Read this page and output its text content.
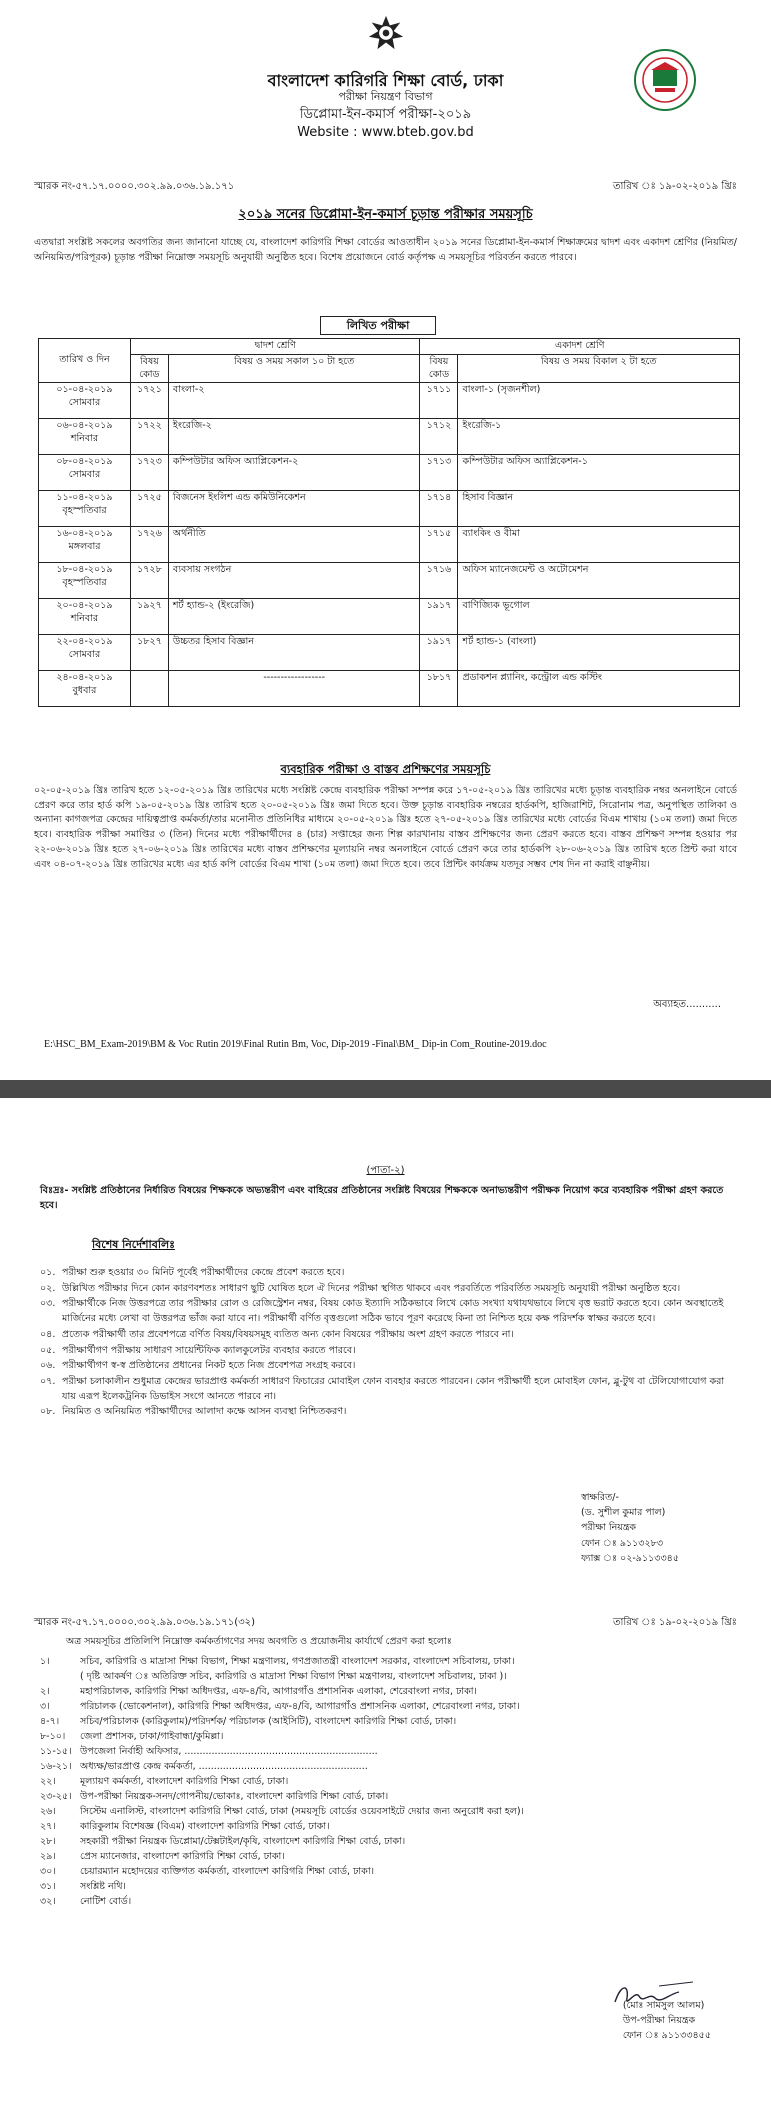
বাংলাদেশ কারিগরি শিক্ষা বোর্ড, ঢাকা
পরীক্ষা নিয়ন্ত্রণ বিভাগ
ডিপ্লোমা-ইন-কমার্স পরীক্ষা-২০১৯
Website : www.bteb.gov.bd
স্মারক নং-৫৭.১৭.০০০০.৩০২.৯৯.০৩৬.১৯.১৭১	তারিখ ঃ ১৯-০২-২০১৯ খ্রিঃ
২০১৯ সনের ডিপ্লোমা-ইন-কমার্স চূড়ান্ত পরীক্ষার সময়সূচি
এতদ্বারা সংশ্লিষ্ট সকলের অবগতির জন্য জানানো যাচ্ছে যে, বাংলাদেশ কারিগরি শিক্ষা বোর্ডের আওতাধীন ২০১৯ সনের ডিপ্লোমা-ইন-কমার্স শিক্ষাক্রমের দ্বাদশ এবং একাদশ শ্রেণির (নিয়মিত/অনিয়মিত/পরিপূরক) চূড়ান্ত পরীক্ষা নিম্নোক্ত সময়সূচি অনুযায়ী অনুষ্ঠিত হবে। বিশেষ প্রয়োজনে বোর্ড কর্তৃপক্ষ এ সময়সূচির পরিবর্তন করতে পারবে।
লিখিত পরীক্ষা
তারিখ ও দিন	দ্বাদশ শ্রেণি		একাদশ শ্রেণি	
	বিষয় কোড	বিষয় ও সময় সকাল ১০ টা হতে	বিষয় কোড	বিষয় ও সময় বিকাল ২ টা হতে

০১-০৪-২০১৯
সোমবার	১৭২১	বাংলা-২	১৭১১	বাংলা-১ (সৃজনশীল)

০৬-০৪-২০১৯
শনিবার	১৭২২	ইংরেজি-২	১৭১২	ইংরেজি-১

০৮-০৪-২০১৯
সোমবার	১৭২৩	কম্পিউটার অফিস অ্যাপ্লিকেশন-২	১৭১৩	কম্পিউটার অফিস অ্যাপ্লিকেশন-১

১১-০৪-২০১৯
বৃহস্পতিবার	১৭২৫	বিজনেস ইংলিশ এন্ড কমিউনিকেশন	১৭১৪	হিসাব বিজ্ঞান

১৬-০৪-২০১৯
মঙ্গলবার	১৭২৬	অর্থনীতি	১৭১৫	ব্যাংকিং ও বীমা

১৮-০৪-২০১৯
বৃহস্পতিবার	১৭২৮	ব্যবসায় সংগঠন	১৭১৬	অফিস ম্যানেজমেন্ট ও অটোমেশন

২০-০৪-২০১৯
শনিবার	১৯২৭	শর্ট হ্যান্ড-২ (ইংরেজি)	১৯১৭	বাণিজ্যিক ভূগোল

২২-০৪-২০১৯
সোমবার	১৮২৭	উচ্চতর হিসাব বিজ্ঞান	১৯১৭	শর্ট হ্যান্ড-১ (বাংলা)

২৪-০৪-২০১৯
বুধবার		------------------	১৮১৭	প্রডাকশন প্ল্যানিং, কন্ট্রোল এন্ড কস্টিং
ব্যবহারিক পরীক্ষা ও বাস্তব প্রশিক্ষণের সময়সূচি
০২-০৫-২০১৯ খ্রিঃ তারিখ হতে ১২-০৫-২০১৯ খ্রিঃ তারিখের মধ্যে সংশ্লিষ্ট কেন্দ্রে ব্যবহারিক পরীক্ষা সম্পন্ন করে ১৭-০৫-২০১৯ খ্রিঃ তারিখের মধ্যে চূড়ান্ত ব্যবহারিক নম্বর অনলাইনে বোর্ডে প্রেরণ করে তার হার্ড কপি ১৯-০৫-২০১৯ খ্রিঃ তারিখ হতে ২০-০৫-২০১৯ খ্রিঃ জমা দিতে হবে। উক্ত চূড়ান্ত ব্যবহারিক নম্বরের হার্ডকপি, হাজিরাশিট, সিরোনাম পত্র, অনুপস্থিত তালিকা ও অন্যান্য কাগজপত্র কেন্দ্রের দায়িত্বপ্রাপ্ত কর্মকর্তা/তার মনোনীত প্রতিনিধির মাধ্যমে ২০-০৫-২০১৯ খ্রিঃ হতে ২৭-০৫-২০১৯ খ্রিঃ তারিখের মধ্যে বোর্ডের বিএম শাখায় (১০ম তলা) জমা দিতে হবে। ব্যবহারিক পরীক্ষা সমাপ্তির ৩ (তিন) দিনের মধ্যে পরীক্ষার্থীদের ৪ (চার) সপ্তাহের জন্য শিল্প কারখানায় বাস্তব প্রশিক্ষণের জন্য প্রেরণ করতে হবে। বাস্তব প্রশিক্ষণ সম্পন্ন হওয়ার পর ২২-০৬-২০১৯ খ্রিঃ হতে ২৭-০৬-২০১৯ খ্রিঃ তারিখের মধ্যে বাস্তব প্রশিক্ষণের মূল্যায়নি নম্বর অনলাইনে বোর্ডে প্রেরণ করে তার হার্ডকপি ২৮-০৬-২০১৯ খ্রিঃ তারিখ হতে প্রিন্ট করা যাবে এবং ০৪-০৭-২০১৯ খ্রিঃ তারিখের মধ্যে এর হার্ড কপি বোর্ডের বিএম শাখা (১০ম তলা) জমা দিতে হবে। তবে প্রিন্টিং কার্যক্রম যতদূর সম্ভব শেষ দিন না করাই বাঞ্ছনীয়।
অব্যাহত...........
E:\HSC_BM_Exam-2019\BM & Voc Rutin 2019\Final Rutin Bm, Voc, Dip-2019 -Final\BM_ Dip-in Com_Routine-2019.doc
(পাতা-২)
বিঃদ্রঃ- সংশ্লিষ্ট প্রতিষ্ঠানের নির্ধারিত বিষয়ের শিক্ষককে অভ্যন্তরীণ এবং বাহিরের প্রতিষ্ঠানের সংশ্লিষ্ট বিষয়ের শিক্ষককে অনাভ্যন্তরীণ পরীক্ষক নিয়োগ করে ব্যবহারিক পরীক্ষা গ্রহণ করতে হবে।
বিশেষ নির্দেশাবলিঃ
০১. পরীক্ষা শুরু হওয়ার ৩০ মিনিট পূর্বেই পরীক্ষার্থীদের কেন্দ্রে প্রবেশ করতে হবে।
০২. উল্লিখিত পরীক্ষার দিনে কোন কারণবশতঃ সাধারণ ছুটি ঘোষিত হলে ঐ দিনের পরীক্ষা স্থগিত থাকবে এবং পরবর্তিতে পরিবর্তিত সময়সূচি অনুযায়ী পরীক্ষা অনুষ্ঠিত হবে।
০৩. পরীক্ষার্থীকে নিজ উত্তরপত্রে তার পরীক্ষার রোল ও রেজিস্ট্রেশন নম্বর, বিষয় কোড ইত্যাদি সঠিকভাবে লিখে কোড সংখ্যা যথাযথভাবে লিখে বৃত্ত ভরাট করতে হবে। কোন অবস্থাতেই মার্জিনের মধ্যে লেখা বা উত্তরপত্র ভাঁজ করা যাবে না। পরীক্ষার্থী বর্ণিত বৃত্তগুলো সঠিক ভাবে পূরণ করেছে কিনা তা নিশ্চিত হয়ে কক্ষ পরিদর্শক স্বাক্ষর করতে হবে।
০৪. প্রত্যেক পরীক্ষার্থী তার প্রবেশপত্রে বর্ণিত বিষয়/বিষয়সমূহ ব্যতিত অন্য কোন বিষয়ের পরীক্ষায় অংশ গ্রহণ করতে পারবে না।
০৫. পরীক্ষার্থীগণ পরীক্ষায় সাধারণ সায়েন্টিফিক ক্যালকুলেটর ব্যবহার করতে পারবে।
০৬. পরীক্ষার্থীগণ স্ব-স্ব প্রতিষ্ঠানের প্রধানের নিকট হতে নিজ প্রবেশপত্র সংগ্রহ করবে।
০৭. পরীক্ষা চলাকালীন শুধুমাত্র কেন্দ্রের ভারপ্রাপ্ত কর্মকর্তা সাধারণ ফিচারের মোবাইল ফোন ব্যবহার করতে পারবেন। কোন পরীক্ষার্থী হলে মোবাইল ফোন, ব্লু-টুথ বা টেলিযোগাযোগ করা যায় এরূপ ইলেকট্রনিক ডিভাইস সংগে আনতে পারবে না।
০৮. নিয়মিত ও অনিয়মিত পরীক্ষার্থীদের আলাদা কক্ষে আসন ব্যবস্থা নিশ্চিতকরণ।
স্বাক্ষরিত/-
(ড. সুশীল কুমার পাল)
পরীক্ষা নিয়ন্ত্রক
ফোন ঃ ৯১১৩২৮৩
ফ্যাক্স ঃ ০২-৯১১৩৩৪৫
স্মারক নং-৫৭.১৭.০০০০.৩০২.৯৯.০৩৬.১৯.১৭১(৩২)	তারিখ ঃ ১৯-০২-২০১৯ খ্রিঃ
অত্র সময়সূচির প্রতিলিপি নিম্নোক্ত কর্মকর্তাগণের সদয় অবগতি ও প্রয়োজনীয় কার্যার্থে প্রেরণ করা হলোঃ
১।	সচিব, কারিগরি ও মাদ্রাসা শিক্ষা বিভাগ, শিক্ষা মন্ত্রণালয়, গণপ্রজাতন্ত্রী বাংলাদেশ সরকার, বাংলাদেশ সচিবালয়, ঢাকা।
( দৃষ্টি আকর্ষণ ঃ অতিরিক্ত সচিব, কারিগরি ও মাদ্রাসা শিক্ষা বিভাগ শিক্ষা মন্ত্রণালয়, বাংলাদেশ সচিবালয়, ঢাকা )।
২।	মহাপরিচালক, কারিগরি শিক্ষা অধিদপ্তর, এফ-৪/বি, আগারগাঁও প্রশাসনিক এলাকা, শেরেবাংলা নগর, ঢাকা।
৩।	পরিচালক (ভোকেশনাল), কারিগরি শিক্ষা অধিদপ্তর, এফ-৪/বি, আগারগাঁও প্রশাসনিক এলাকা, শেরেবাংলা নগর, ঢাকা।
৪-৭।	সচিব/পরিচালক (কারিকুলাম)/পরিদর্শক/ পরিচালক (আইসিটি), বাংলাদেশ কারিগরি শিক্ষা বোর্ড, ঢাকা।
৮-১০।	জেলা প্রশাসক, ঢাকা/গাইবান্ধা/কুমিল্লা।
১১-১৫। উপজেলা নির্বাহী অফিসার, ................................................................
১৬-২১। অধ্যক্ষ/ভারপ্রাপ্ত কেন্দ্র কর্মকর্তা, ........................................................
২২।	মূল্যায়ণ কর্মকর্তা, বাংলাদেশ কারিগরি শিক্ষা বোর্ড, ঢাকা।
২৩-২৫। উপ-পরীক্ষা নিয়ন্ত্রক-সনদ/গোপনীয়/ভোকাঃ, বাংলাদেশ কারিগরি শিক্ষা বোর্ড, ঢাকা।
২৬।	সিস্টেম এনালিস্ট, বাংলাদেশ কারিগরি শিক্ষা বোর্ড, ঢাকা (সময়সূচি বোর্ডের ওয়েবসাইটে দেয়ার জন্য অনুরোধ করা হল)।
২৭।	কারিকুলাম বিশেষজ্ঞ (বিএম) বাংলাদেশ কারিগরি শিক্ষা বোর্ড, ঢাকা।
২৮।	সহকারী পরীক্ষা নিয়ন্ত্রক ডিপ্লোমা/টেক্সটাইল/কৃষি, বাংলাদেশ কারিগরি শিক্ষা বোর্ড, ঢাকা।
২৯।	প্রেস ম্যানেজার, বাংলাদেশ কারিগরি শিক্ষা বোর্ড, ঢাকা।
৩০।	চেয়ারম্যান মহোদয়ের ব্যক্তিগত কর্মকর্তা, বাংলাদেশ কারিগরি শিক্ষা বোর্ড, ঢাকা।
৩১।	সংশ্লিষ্ট নথি।
৩২।	নোটিশ বোর্ড।
(মোঃ সামসুল আলম)
উপ-পরীক্ষা নিয়ন্ত্রক
ফোন ঃ ৯১১৩৩৪৫৫
